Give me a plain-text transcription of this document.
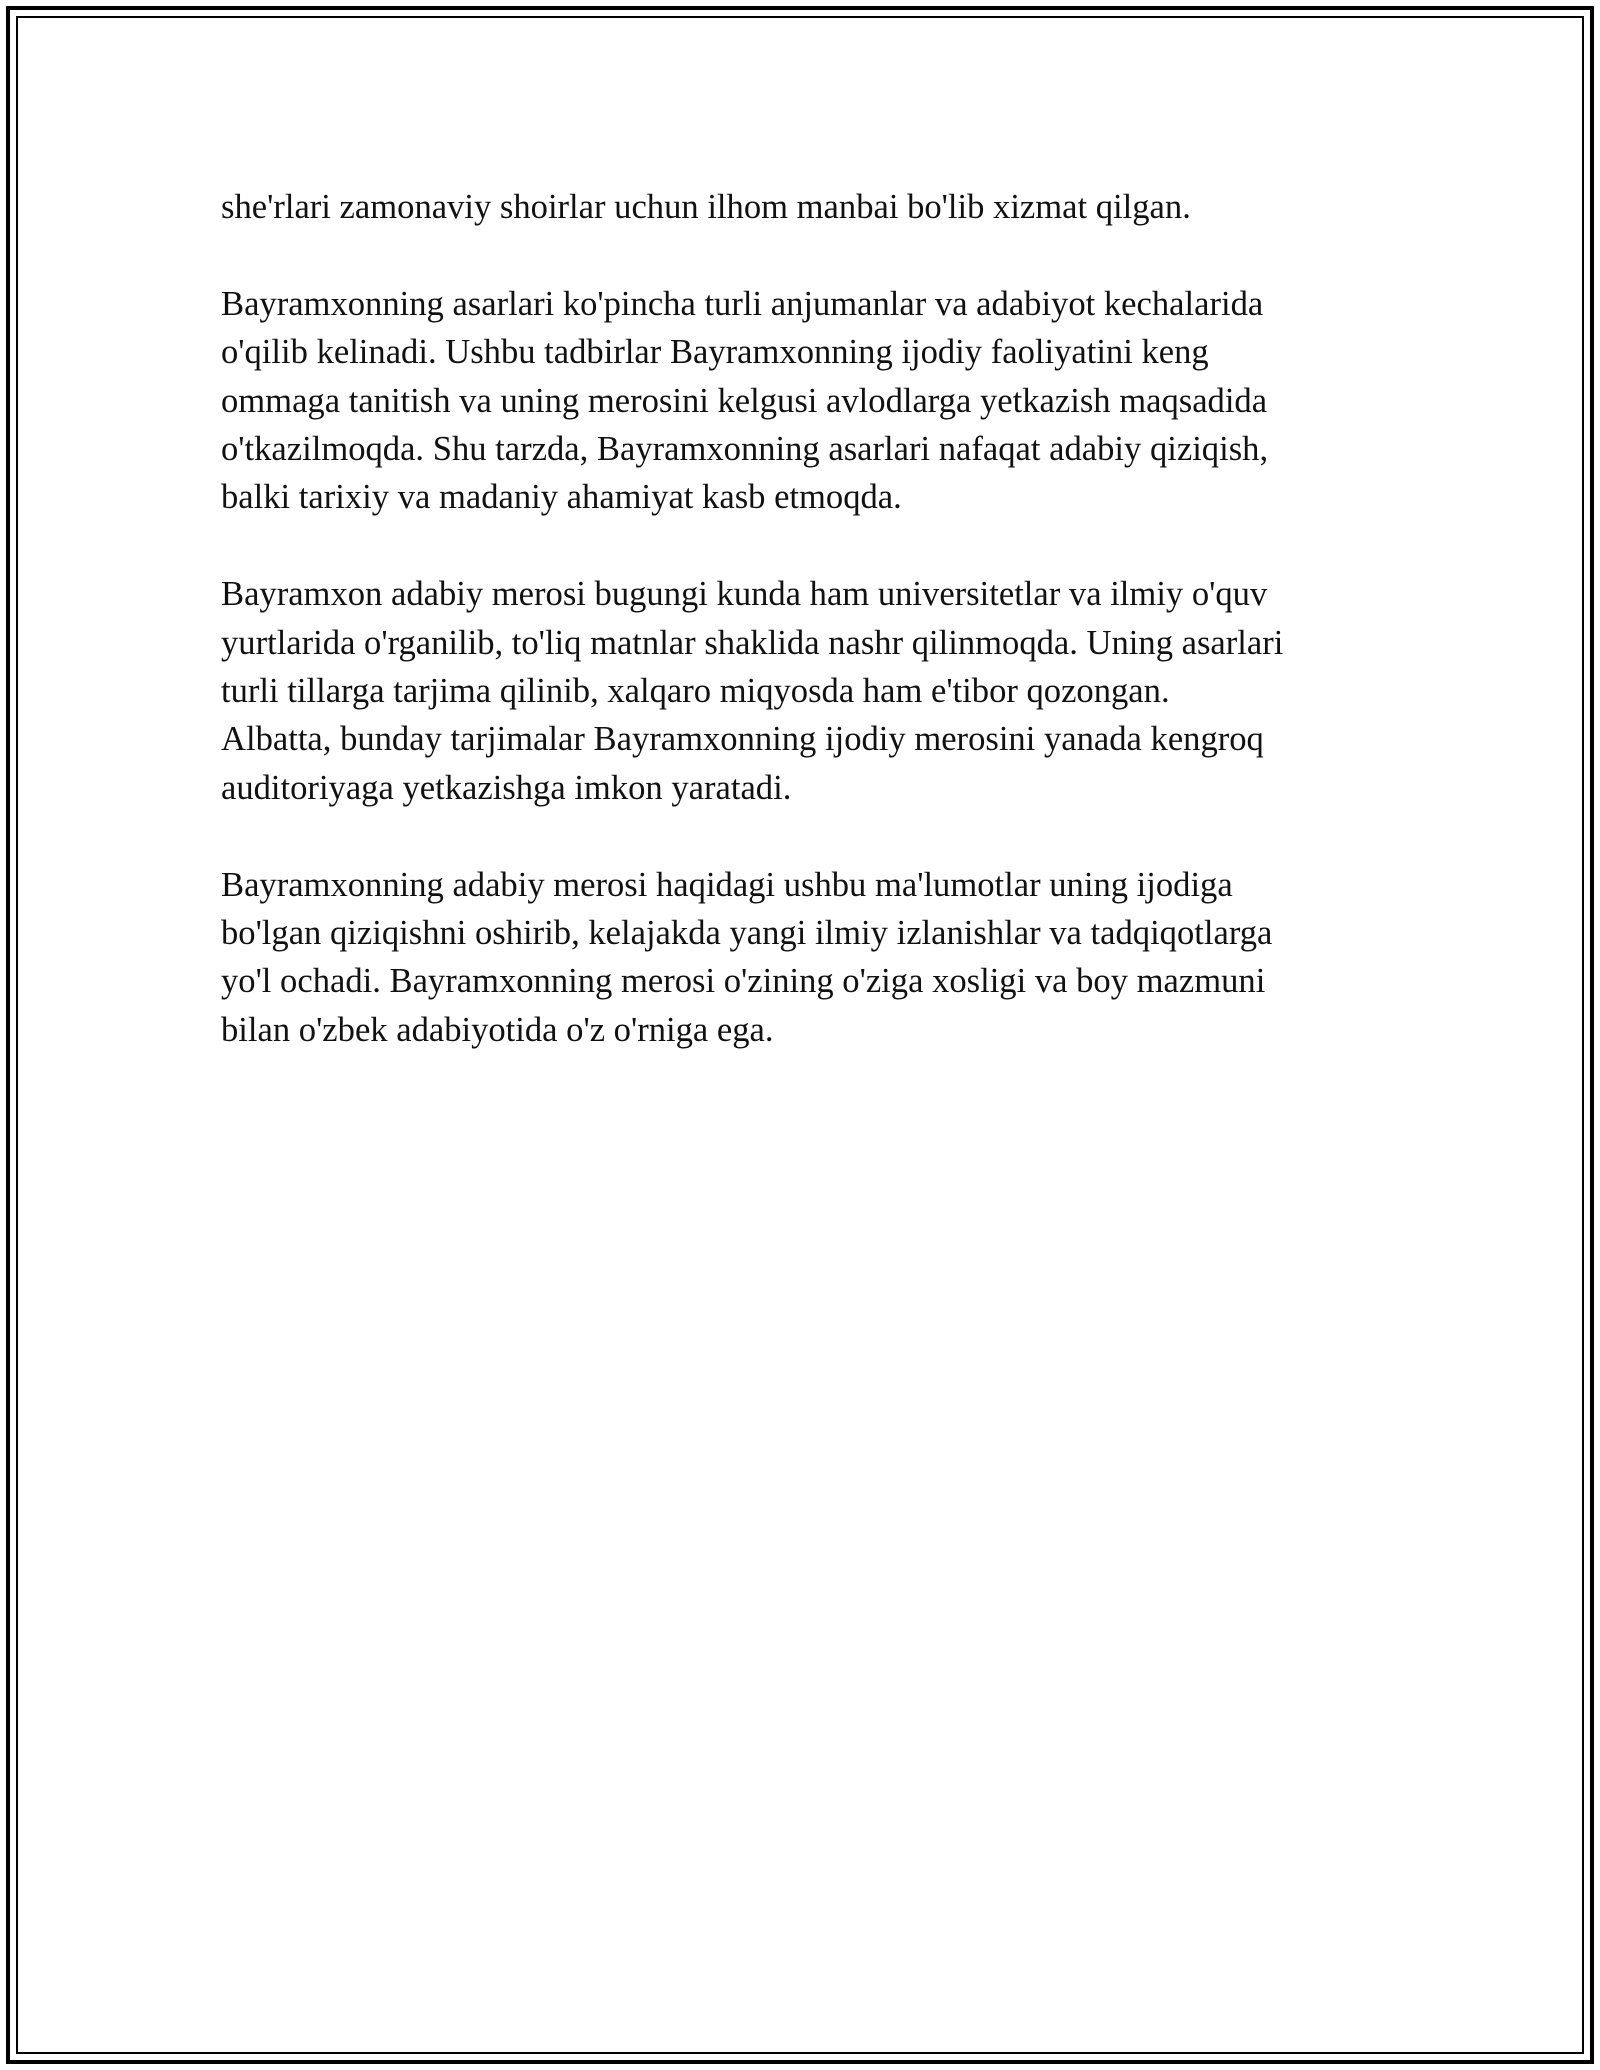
she'rlari zamonaviy shoirlar uchun ilhom manbai bo'lib xizmat qilgan.

Bayramxonning asarlari ko'pincha turli anjumanlar va adabiyot kechalarida
o'qilib kelinadi. Ushbu tadbirlar Bayramxonning ijodiy faoliyatini keng
ommaga tanitish va uning merosini kelgusi avlodlarga yetkazish maqsadida
o'tkazilmoqda. Shu tarzda, Bayramxonning asarlari nafaqat adabiy qiziqish,
balki tarixiy va madaniy ahamiyat kasb etmoqda.

Bayramxon adabiy merosi bugungi kunda ham universitetlar va ilmiy o'quv
yurtlarida o'rganilib, to'liq matnlar shaklida nashr qilinmoqda. Uning asarlari
turli tillarga tarjima qilinib, xalqaro miqyosda ham e'tibor qozongan.
Albatta, bunday tarjimalar Bayramxonning ijodiy merosini yanada kengroq
auditoriyaga yetkazishga imkon yaratadi.

Bayramxonning adabiy merosi haqidagi ushbu ma'lumotlar uning ijodiga
bo'lgan qiziqishni oshirib, kelajakda yangi ilmiy izlanishlar va tadqiqotlarga
yo'l ochadi. Bayramxonning merosi o'zining o'ziga xosligi va boy mazmuni
bilan o'zbek adabiyotida o'z o'rniga ega.
